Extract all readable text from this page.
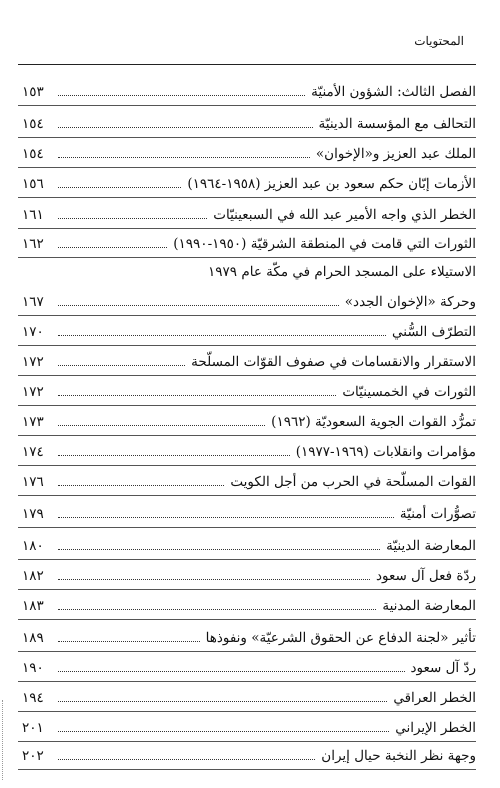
المحتويات
الفصل الثالث: الشؤون الأمنيّة
١٥٣
التحالف مع المؤسسة الدينيّة
١٥٤
الملك عبد العزيز و«الإخوان»
١٥٤
الأزمات إبّان حكم سعود بن عبد العزيز (١٩٥٨-١٩٦٤)
١٥٦
الخطر الذي واجه الأمير عبد الله في السبعينيّات
١٦١
الثورات التي قامت في المنطقة الشرقيّة (١٩٥٠-١٩٩٠)
١٦٢
الاستيلاء على المسجد الحرام في مكّة عام ١٩٧٩
وحركة «الإخوان الجدد»
١٦٧
التطرّف السُّني
١٧٠
الاستقرار والانقسامات في صفوف القوّات المسلّحة
١٧٢
الثورات في الخمسينيّات
١٧٢
تمرُّد القوات الجوية السعوديّة (١٩٦٢)
١٧٣
مؤامرات وانقلابات (١٩٦٩-١٩٧٧)
١٧٤
القوات المسلّحة في الحرب من أجل الكويت
١٧٦
تصوُّرات أمنيّة
١٧٩
المعارضة الدينيّة
١٨٠
ردّة فعل آل سعود
١٨٢
المعارضة المدنية
١٨٣
تأثير «لجنة الدفاع عن الحقوق الشرعيّة» ونفوذها
١٨٩
ردّ آل سعود
١٩٠
الخطر العراقي
١٩٤
الخطر الإيراني
٢٠١
وجهة نظر النخبة حيال إيران
٢٠٢
